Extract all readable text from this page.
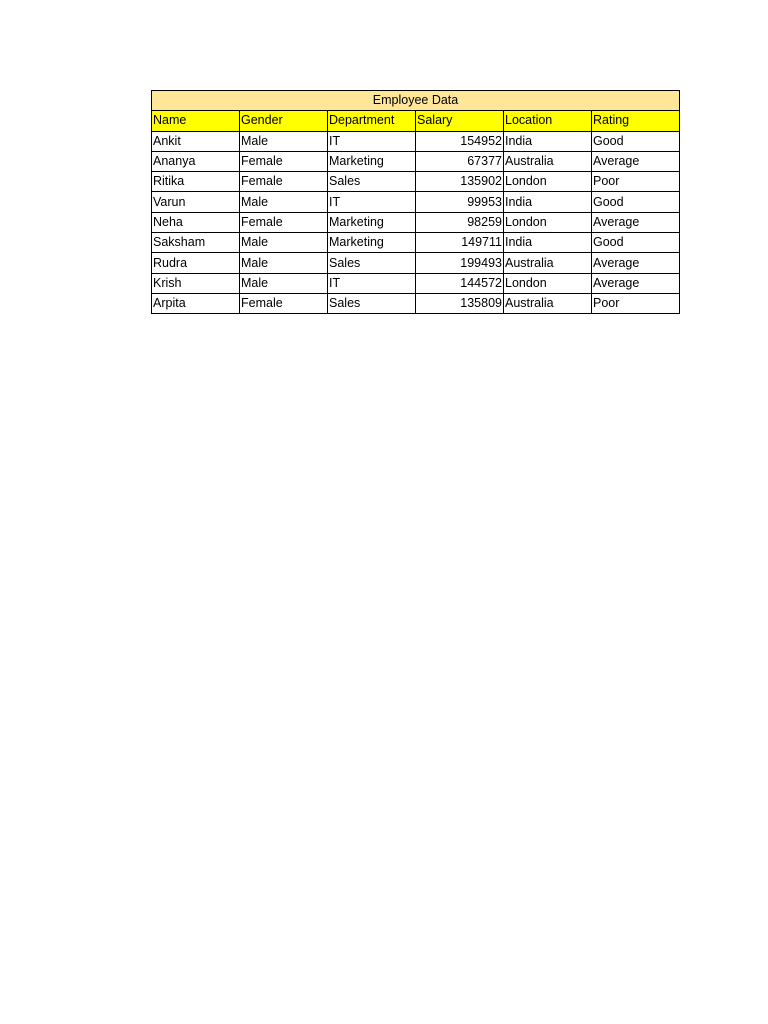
Employee Data					
Name	Gender	Department	Salary	Location	Rating
Ankit	Male	IT	154952	India	Good
Ananya	Female	Marketing	67377	Australia	Average
Ritika	Female	Sales	135902	London	Poor
Varun	Male	IT	99953	India	Good
Neha	Female	Marketing	98259	London	Average
Saksham	Male	Marketing	149711	India	Good
Rudra	Male	Sales	199493	Australia	Average
Krish	Male	IT	144572	London	Average
Arpita	Female	Sales	135809	Australia	Poor
